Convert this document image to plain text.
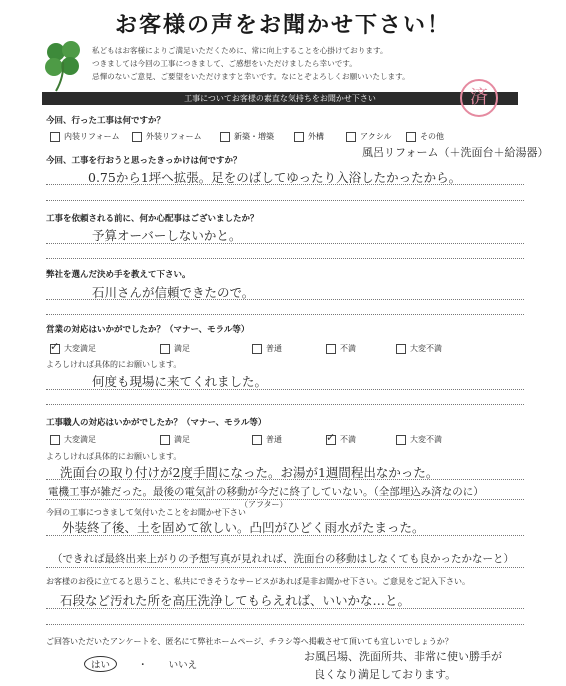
お客様の声をお聞かせ下さい！
私どもはお客様によりご満足いただくために、常に向上することを心掛けております。
つきましては今回の工事につきまして、ご感想をいただけましたら幸いです。
忌憚のないご意見、ご要望をいただけますと幸いです。なにとぞよろしくお願いいたします。
工事についてお客様の素直な気持ちをお聞かせ下さい	済
今回、行った工事は何ですか？
内装リフォーム	外装リフォーム	新築・増築	外構	アクシル	その他
風呂リフォーム（＋洗面台＋給湯器）
今回、工事を行おうと思ったきっかけは何ですか？
0.75から1坪へ拡張。足をのばしてゆったり入浴したかったから。
工事を依頼される前に、何か心配事はございましたか？
予算オーバーしないかと。
弊社を選んだ決め手を教えて下さい。
石川さんが信頼できたので。
営業の対応はいかがでしたか？（マナー、モラル等）
✓
大変満足	満足	普通	不満	大変不満
よろしければ具体的にお願いします。
何度も現場に来てくれました。
工事職人の対応はいかがでしたか？（マナー、モラル等）
大変満足	満足	普通
✓	不満	大変不満
よろしければ具体的にお願いします。
洗面台の取り付けが2度手間になった。お湯が1週間程出なかった。
電機工事が雑だった。最後の電気計の移動が今だに終了していない。（全部埋込み済なのに）
今回の工事につきまして気付いたことをお聞かせ下さい
（アフター）
外装終了後、土を固めて欲しい。凸凹がひどく雨水がたまった。
（できれば最終出来上がりの予想写真が見れれば、洗面台の移動はしなくても良かったかなーと）
お客様のお役に立てると思うこと、私共にできそうなサービスがあれば是非お聞かせ下さい。ご意見をご記入下さい。
石段など汚れた所を高圧洗浄してもらえれば、いいかな…と。
ご回答いただいたアンケートを、匿名にて弊社ホームページ、チラシ等へ掲載させて頂いても宜しいでしょうか？
はい	・ いいえ
お風呂場、洗面所共、非常に使い勝手が
良くなり満足しております。
